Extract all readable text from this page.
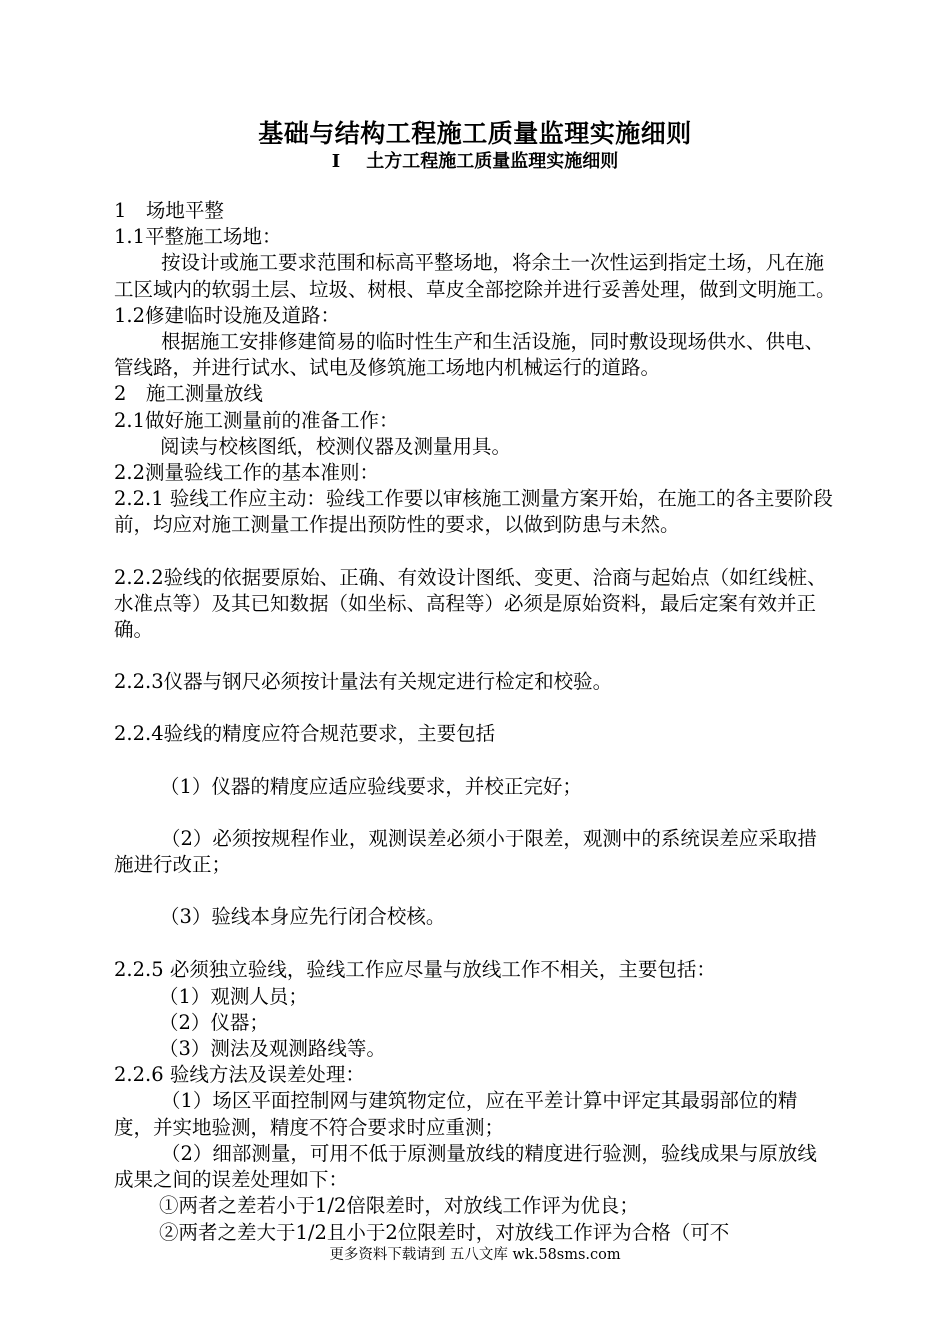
基础与结构工程施工质量监理实施细则
I 土方工程施工质量监理实施细则

1　场地平整

1.1平整施工场地：

按设计或施工要求范围和标高平整场地，将余土一次性运到指定土场，凡在施工区域内的软弱土层、垃圾、树根、草皮全部挖除并进行妥善处理，做到文明施工。

1.2修建临时设施及道路：

根据施工安排修建简易的临时性生产和生活设施，同时敷设现场供水、供电、管线路，并进行试水、试电及修筑施工场地内机械运行的道路。

2　施工测量放线

2.1做好施工测量前的准备工作：

阅读与校核图纸，校测仪器及测量用具。

2.2测量验线工作的基本准则：

2.2.1 验线工作应主动：验线工作要以审核施工测量方案开始，在施工的各主要阶段前，均应对施工测量工作提出预防性的要求，以做到防患与未然。

2.2.2验线的依据要原始、正确、有效设计图纸、变更、洽商与起始点（如红线桩、水准点等）及其已知数据（如坐标、高程等）必须是原始资料，最后定案有效并正确。

2.2.3仪器与钢尺必须按计量法有关规定进行检定和校验。

2.2.4验线的精度应符合规范要求，主要包括

（1）仪器的精度应适应验线要求，并校正完好；

（2）必须按规程作业，观测误差必须小于限差，观测中的系统误差应采取措施进行改正；

（3）验线本身应先行闭合校核。

2.2.5 必须独立验线，验线工作应尽量与放线工作不相关，主要包括：

（1）观测人员；

（2）仪器；

（3）测法及观测路线等。

2.2.6 验线方法及误差处理：

（1）场区平面控制网与建筑物定位，应在平差计算中评定其最弱部位的精度，并实地验测，精度不符合要求时应重测；

（2）细部测量，可用不低于原测量放线的精度进行验测，验线成果与原放线成果之间的误差处理如下：

①两者之差若小于1/2倍限差时，对放线工作评为优良；

②两者之差大于1/2且小于2位限差时，对放线工作评为合格（可不

更多资料下载请到 五八文库 wk.58sms.com
